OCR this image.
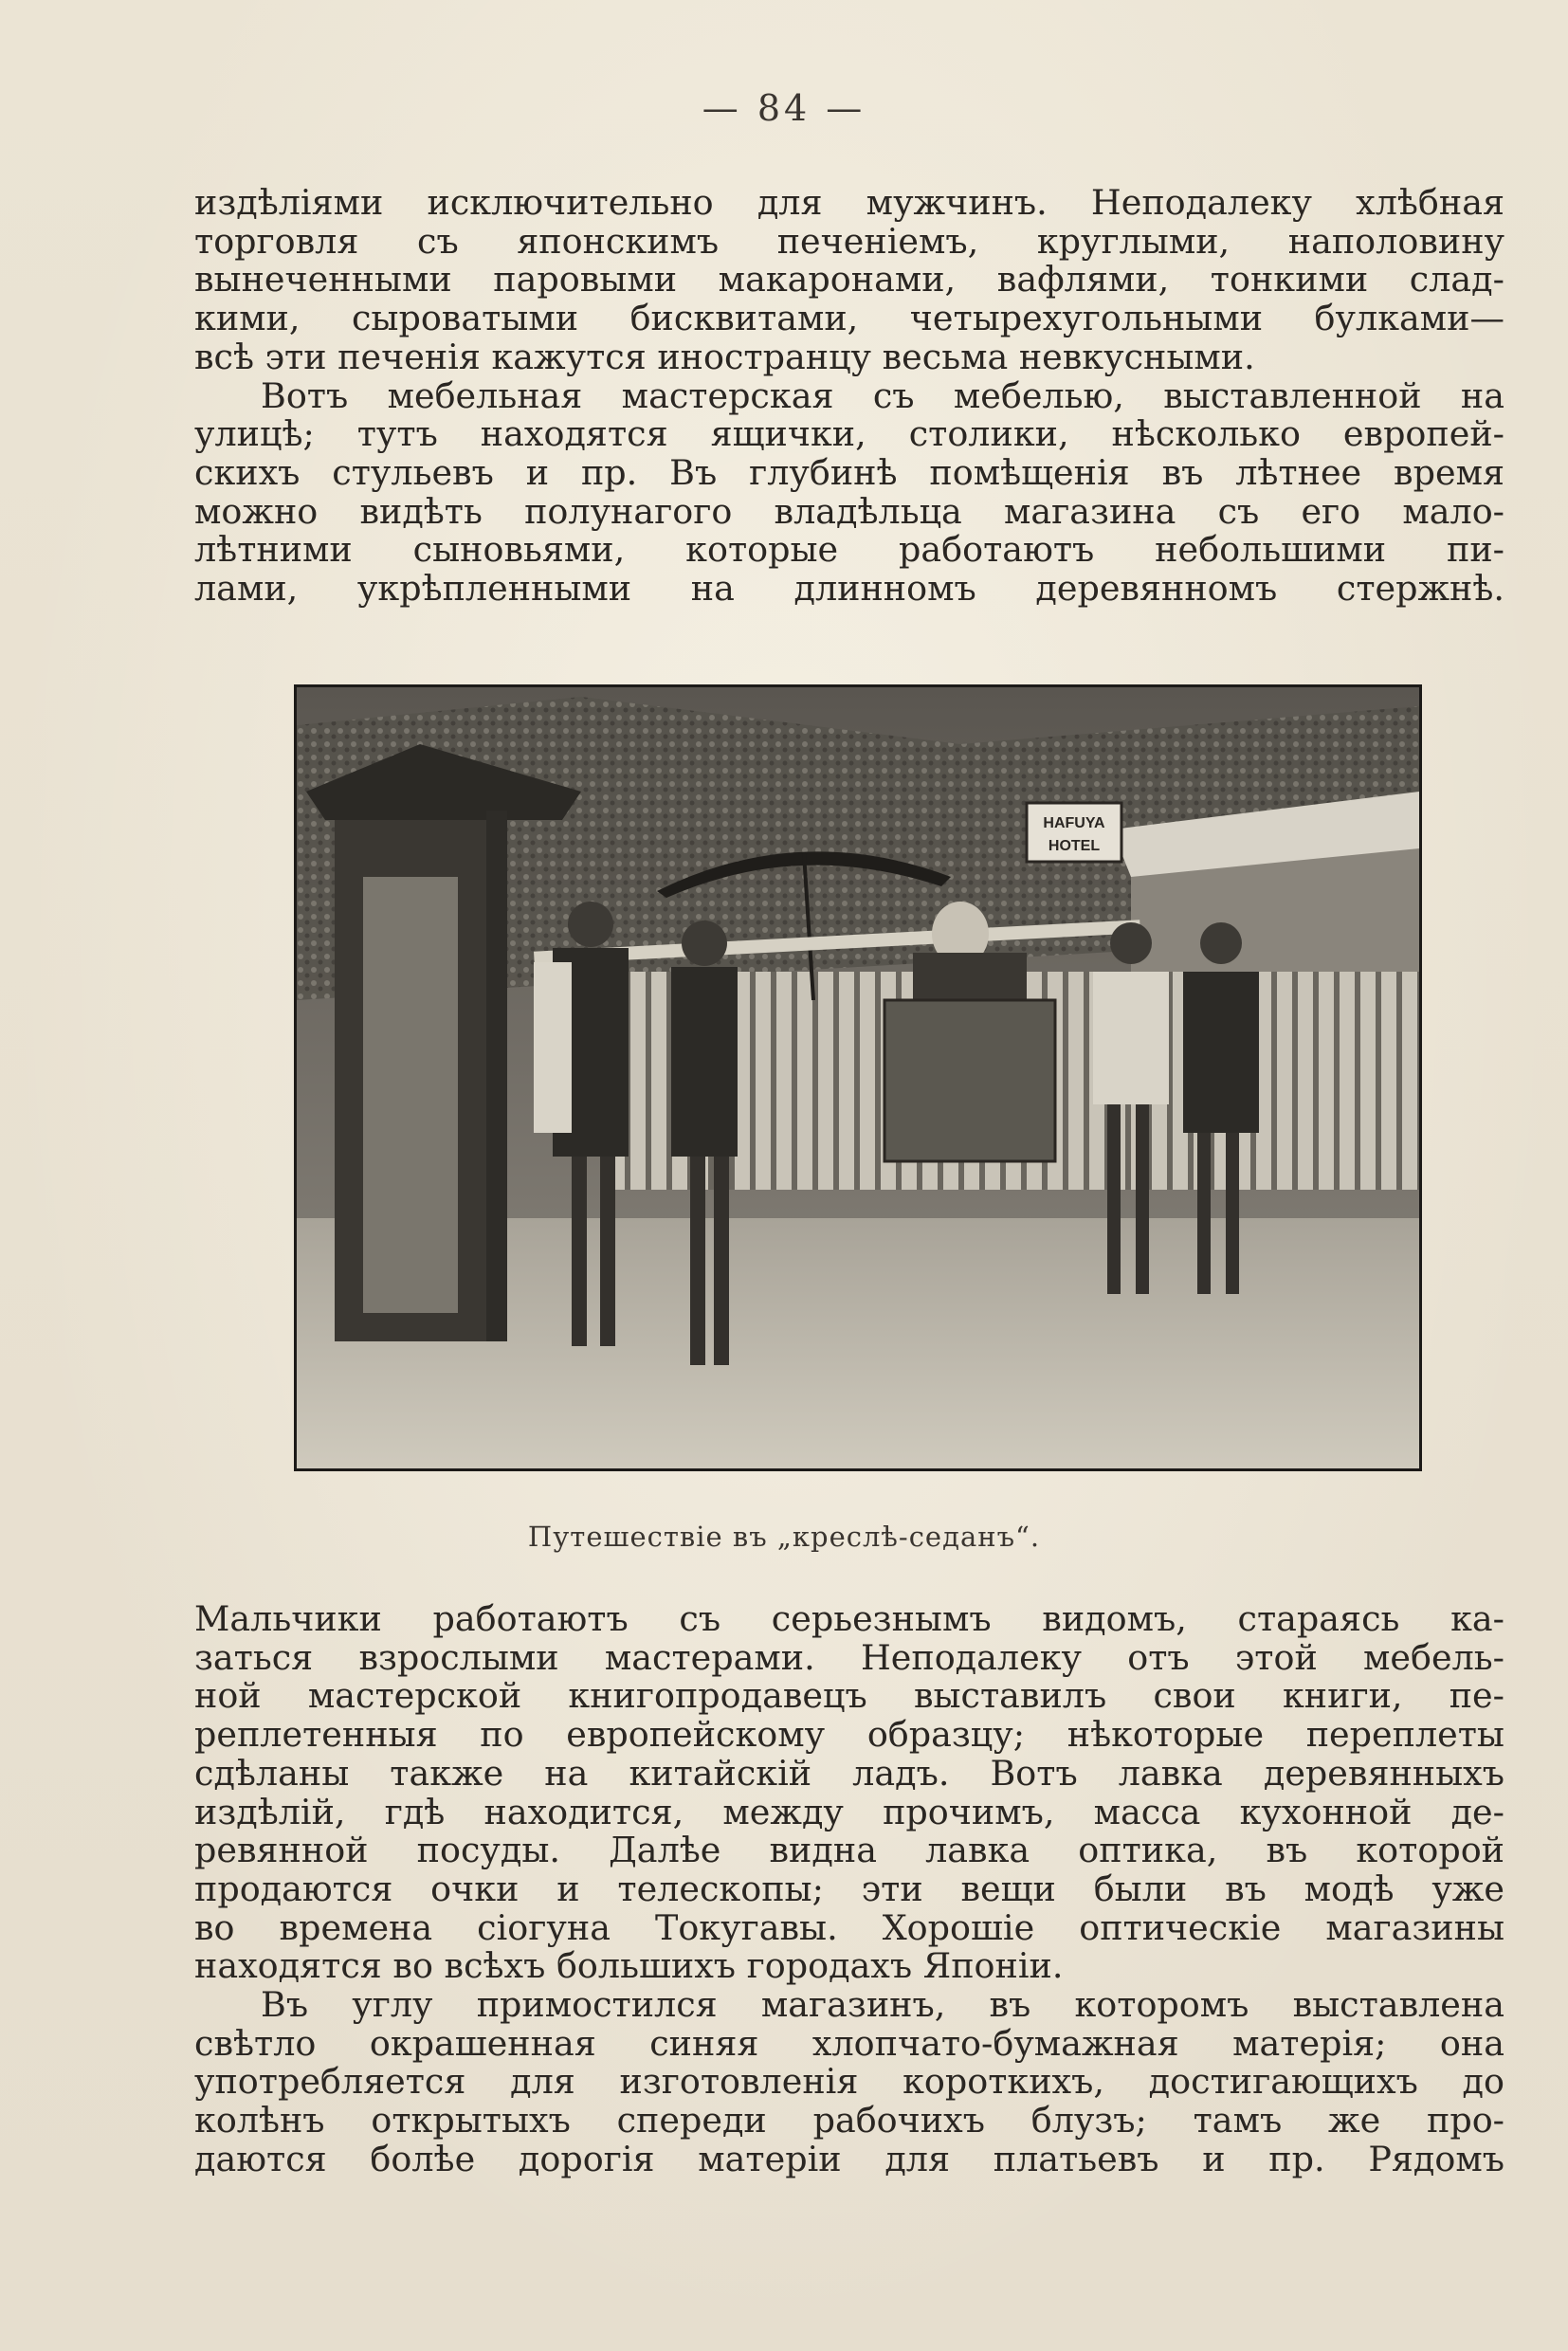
— 84 —
издѣліями исключительно для мужчинъ. Неподалеку хлѣбная
торговля съ японскимъ печеніемъ, круглыми, наполовину
вынеченными паровыми макаронами, вафлями, тонкими слад-
кими, сыроватыми бисквитами, четырехугольными булками—
всѣ эти печенія кажутся иностранцу весьма невкусными.
Вотъ мебельная мастерская съ мебелью, выставленной на
улицѣ; тутъ находятся ящички, столики, нѣсколько европей-
скихъ стульевъ и пр. Въ глубинѣ помѣщенія въ лѣтнее время
можно видѣть полунагого владѣльца магазина съ его мало-
лѣтними сыновьями, которые работаютъ небольшими пи-
лами, укрѣпленными на длинномъ деревянномъ стержнѣ.
HAFUYA
HOTEL
Путешествіе въ „креслѣ-седанъ“.
Мальчики работаютъ съ серьезнымъ видомъ, стараясь ка-
заться взрослыми мастерами. Неподалеку отъ этой мебель-
ной мастерской книгопродавецъ выставилъ свои книги, пе-
реплетенныя по европейскому образцу; нѣкоторые переплеты
сдѣланы также на китайскій ладъ. Вотъ лавка деревянныхъ
издѣлій, гдѣ находится, между прочимъ, масса кухонной де-
ревянной посуды. Далѣе видна лавка оптика, въ которой
продаются очки и телескопы; эти вещи были въ модѣ уже
во времена сіогуна Токугавы. Хорошіе оптическіе магазины
находятся во всѣхъ большихъ городахъ Японіи.
Въ углу примостился магазинъ, въ которомъ выставлена
свѣтло окрашенная синяя хлопчато-бумажная матерія; она
употребляется для изготовленія короткихъ, достигающихъ до
колѣнъ открытыхъ спереди рабочихъ блузъ; тамъ же про-
даются болѣе дорогія матеріи для платьевъ и пр. Рядомъ
